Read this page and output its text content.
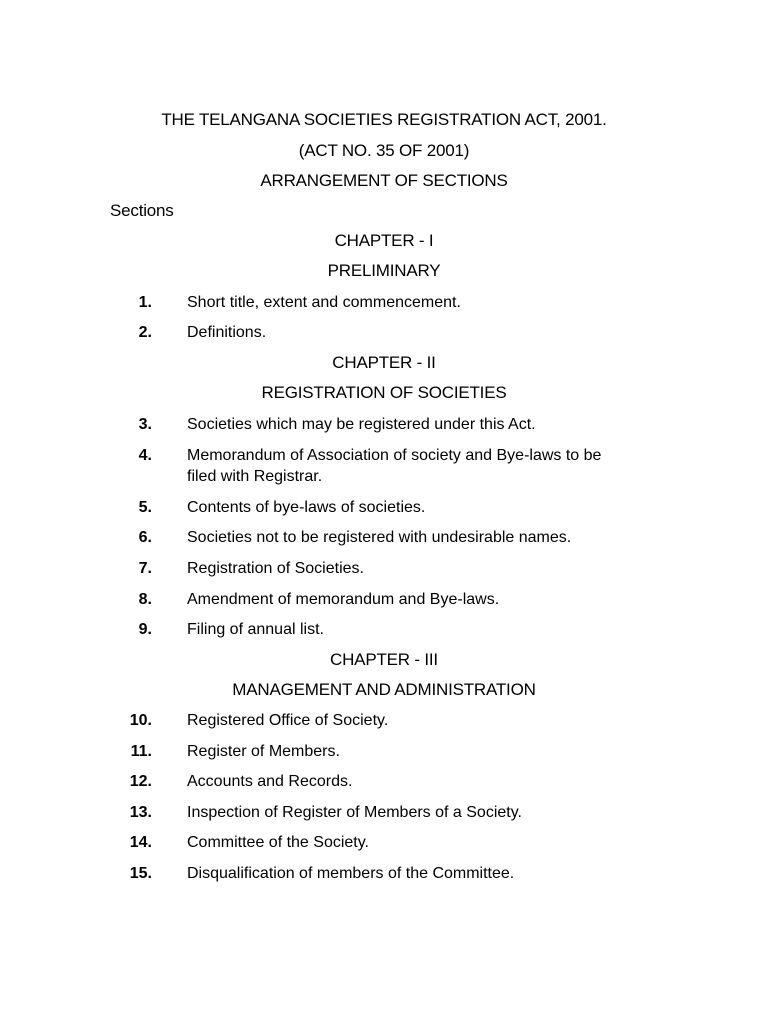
THE TELANGANA SOCIETIES REGISTRATION ACT, 2001.
(ACT NO. 35 OF 2001)
ARRANGEMENT OF SECTIONS
Sections
CHAPTER - I
PRELIMINARY
1. Short title, extent and commencement.
2. Definitions.
CHAPTER - II
REGISTRATION OF SOCIETIES
3. Societies which may be registered under this Act.
4. Memorandum of Association of society and Bye-laws to be filed with Registrar.
5. Contents of bye-laws of societies.
6. Societies not to be registered with undesirable names.
7. Registration of Societies.
8. Amendment of memorandum and Bye-laws.
9. Filing of annual list.
CHAPTER - III
MANAGEMENT AND ADMINISTRATION
10. Registered Office of Society.
11. Register of Members.
12. Accounts and Records.
13. Inspection of Register of Members of a Society.
14. Committee of the Society.
15. Disqualification of members of the Committee.
